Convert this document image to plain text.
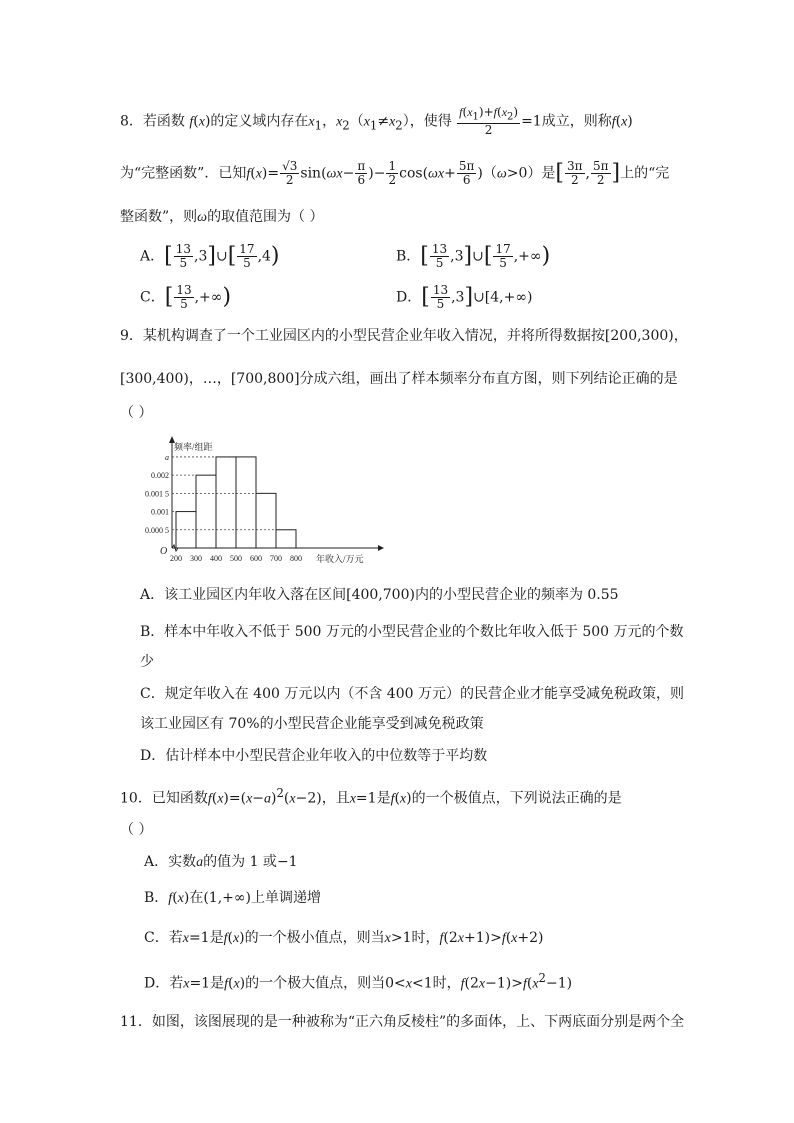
8．若函数 f(x)的定义域内存在$x_1$，$x_2(x_1\ne x_2)$，使得 $\frac{f(x_1)+f(x_2)}{2} =1$成立，则称f(x)
为“完整函数”．已知$f(x)= \frac{√3}{2} \sin(\omega x- \frac{\pi}{6}$ )− $\frac{1}{2} \cos(\omega x+ \frac{5\pi}{6} )(\omega>0)$是[ $\frac{3\pi}{2}$ , $\frac{5\pi}{2}$ ]上的“完
整函数”，则ω的取值范围为（ ）
A．[ $\frac{13}{5}$ ,3]∪[ $\frac{17}{5} ,4$)	B．[ $\frac{13}{5}$ ,3]∪[ $\frac{17}{5}$ ,+∞)
C．[ $\frac{13}{5}$ ,+∞)	D．[ $\frac{13}{5}$ ,3]∪[4,+∞)
9．某机构调查了一个工业园区内的小型民营企业年收入情况，并将所得数据按[200,300)，
[300,400)，…，[700,800]分成六组，画出了样本频率分布直方图，则下列结论正确的是
（ ）
频率/组距
年收入/万元
O
0.000 5
0.001
0.001 5
0.002
a
200 300 400 500 600 700 800
A．该工业园区内年收入落在区间[400,700)内的小型民营企业的频率为 0.55
B．样本中年收入不低于 500 万元的小型民营企业的个数比年收入低于 500 万元的个数
少
C．规定年收入在 400 万元以内（不含 400 万元）的民营企业才能享受减免税政策，则
该工业园区有 70%的小型民营企业能享受到减免税政策
D．估计样本中小型民营企业年收入的中位数等于平均数
10．已知函数$f(x)=(x-a)^2(x-2)$，且x=1是f(x)的一个极值点，下列说法正确的是
（ ）
A．实数a的值为 1 或−1
B．f(x)在(1,+∞)上单调递增
C．若x=1是f(x)的一个极小值点，则当x>1时，f(2x+1)>f(x+2)
D．若x=1是f(x)的一个极大值点，则当0<x<1时，$f(2x-1)>f(x^2-1)$
11．如图，该图展现的是一种被称为“正六角反棱柱”的多面体，上、下两底面分别是两个全
